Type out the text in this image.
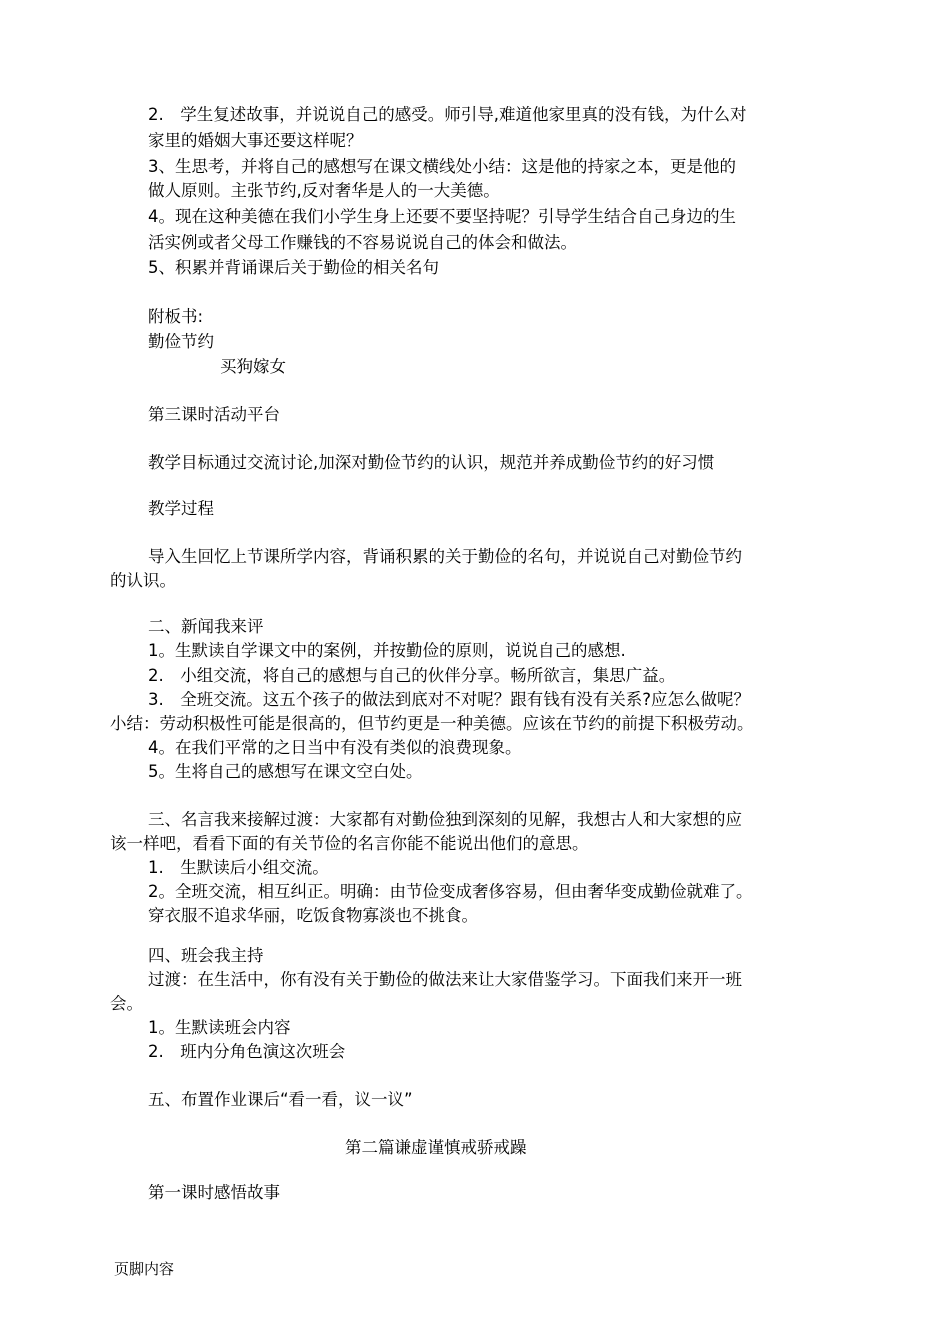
2.　学生复述故事，并说说自己的感受。师引导,难道他家里真的没有钱，为什么对
家里的婚姻大事还要这样呢？
3、生思考，并将自己的感想写在课文横线处小结：这是他的持家之本，更是他的
做人原则。主张节约,反对奢华是人的一大美德。
4。现在这种美德在我们小学生身上还要不要坚持呢？引导学生结合自己身边的生
活实例或者父母工作赚钱的不容易说说自己的体会和做法。
5、积累并背诵课后关于勤俭的相关名句
附板书:
勤俭节约
买狗嫁女
第三课时活动平台
教学目标通过交流讨论,加深对勤俭节约的认识，规范并养成勤俭节约的好习惯
教学过程
导入生回忆上节课所学内容，背诵积累的关于勤俭的名句，并说说自己对勤俭节约
的认识。
二、新闻我来评
1。生默读自学课文中的案例，并按勤俭的原则，说说自己的感想.
2.　小组交流，将自己的感想与自己的伙伴分享。畅所欲言，集思广益。
3.　全班交流。这五个孩子的做法到底对不对呢？跟有钱有没有关系?应怎么做呢？
小结：劳动积极性可能是很高的，但节约更是一种美德。应该在节约的前提下积极劳动。
4。在我们平常的之日当中有没有类似的浪费现象。
5。生将自己的感想写在课文空白处。
三、名言我来接解过渡：大家都有对勤俭独到深刻的见解，我想古人和大家想的应
该一样吧，看看下面的有关节俭的名言你能不能说出他们的意思。
1.　生默读后小组交流。
2。全班交流，相互纠正。明确：由节俭变成奢侈容易，但由奢华变成勤俭就难了。
穿衣服不追求华丽，吃饭食物寡淡也不挑食。
四、班会我主持
过渡：在生活中，你有没有关于勤俭的做法来让大家借鉴学习。下面我们来开一班
会。
1。生默读班会内容
2.　班内分角色演这次班会
五、布置作业课后“看一看，议一议”
第二篇谦虚谨慎戒骄戒躁
第一课时感悟故事
页脚内容
